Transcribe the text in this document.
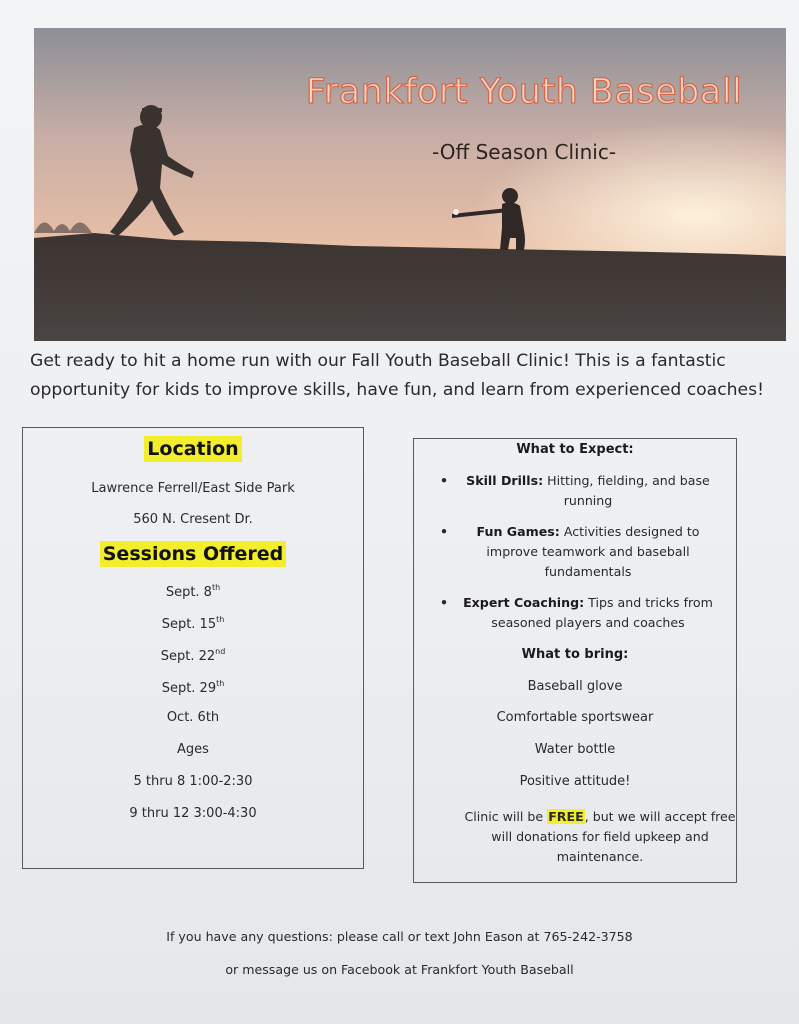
Frankfort Youth Baseball
-Off Season Clinic-
Get ready to hit a home run with our Fall Youth Baseball Clinic! This is a fantastic
opportunity for kids to improve skills, have fun, and learn from experienced coaches!
Location
Lawrence Ferrell/East Side Park
560 N. Cresent Dr.
Sessions Offered
Sept. 8th
Sept. 15th
Sept. 22nd
Sept. 29th
Oct. 6th
Ages
5 thru 8 1:00-2:30
9 thru 12 3:00-4:30
What to Expect:
• Skill Drills: Hitting, fielding, and base running
• Fun Games: Activities designed to improve teamwork and baseball fundamentals
• Expert Coaching: Tips and tricks from seasoned players and coaches
What to bring:
Baseball glove
Comfortable sportswear
Water bottle
Positive attitude!
Clinic will be FREE, but we will accept free will donations for field upkeep and maintenance.
If you have any questions: please call or text John Eason at 765-242-3758
or message us on Facebook at Frankfort Youth Baseball
